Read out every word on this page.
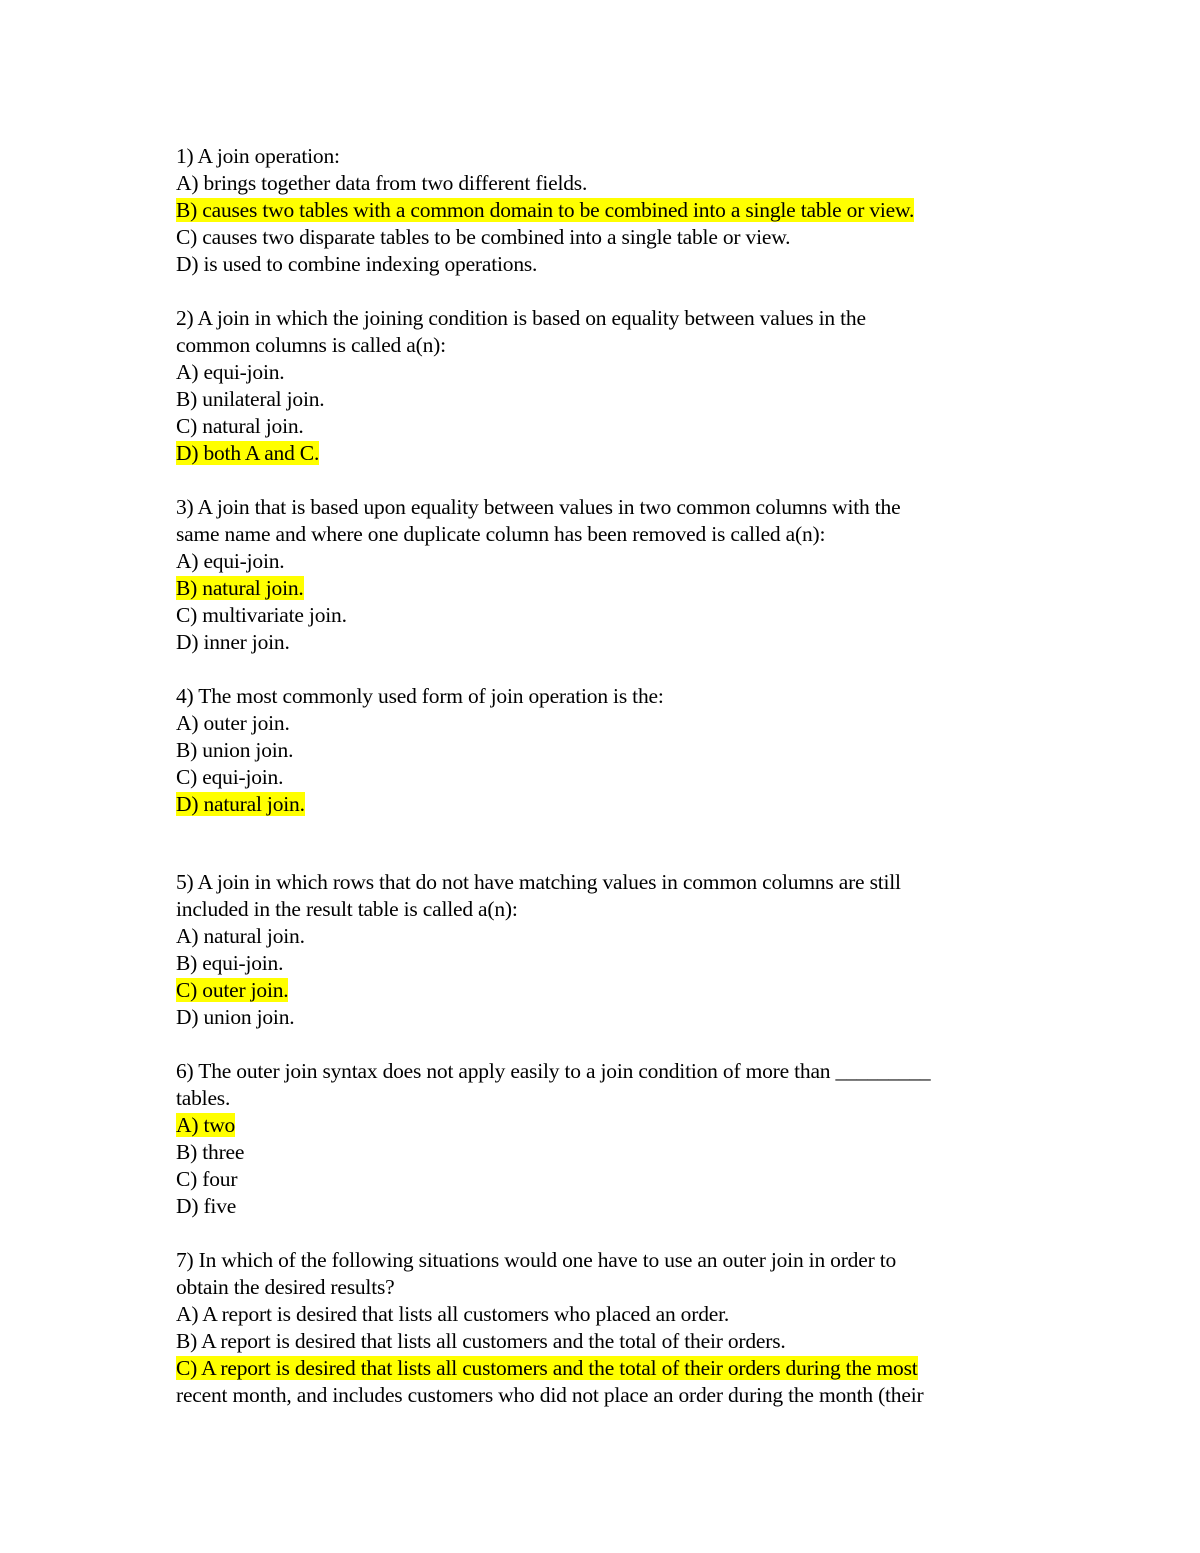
1) A join operation:
A) brings together data from two different fields.
B) causes two tables with a common domain to be combined into a single table or view.
C) causes two disparate tables to be combined into a single table or view.
D) is used to combine indexing operations.
2) A join in which the joining condition is based on equality between values in the
common columns is called a(n):
A) equi-join.
B) unilateral join.
C) natural join.
D) both A and C.
3) A join that is based upon equality between values in two common columns with the
same name and where one duplicate column has been removed is called a(n):
A) equi-join.
B) natural join.
C) multivariate join.
D) inner join.
4) The most commonly used form of join operation is the:
A) outer join.
B) union join.
C) equi-join.
D) natural join.
5) A join in which rows that do not have matching values in common columns are still
included in the result table is called a(n):
A) natural join.
B) equi-join.
C) outer join.
D) union join.
6) The outer join syntax does not apply easily to a join condition of more than _________
tables.
A) two
B) three
C) four
D) five
7) In which of the following situations would one have to use an outer join in order to
obtain the desired results?
A) A report is desired that lists all customers who placed an order.
B) A report is desired that lists all customers and the total of their orders.
C) A report is desired that lists all customers and the total of their orders during the most
recent month, and includes customers who did not place an order during the month (their
